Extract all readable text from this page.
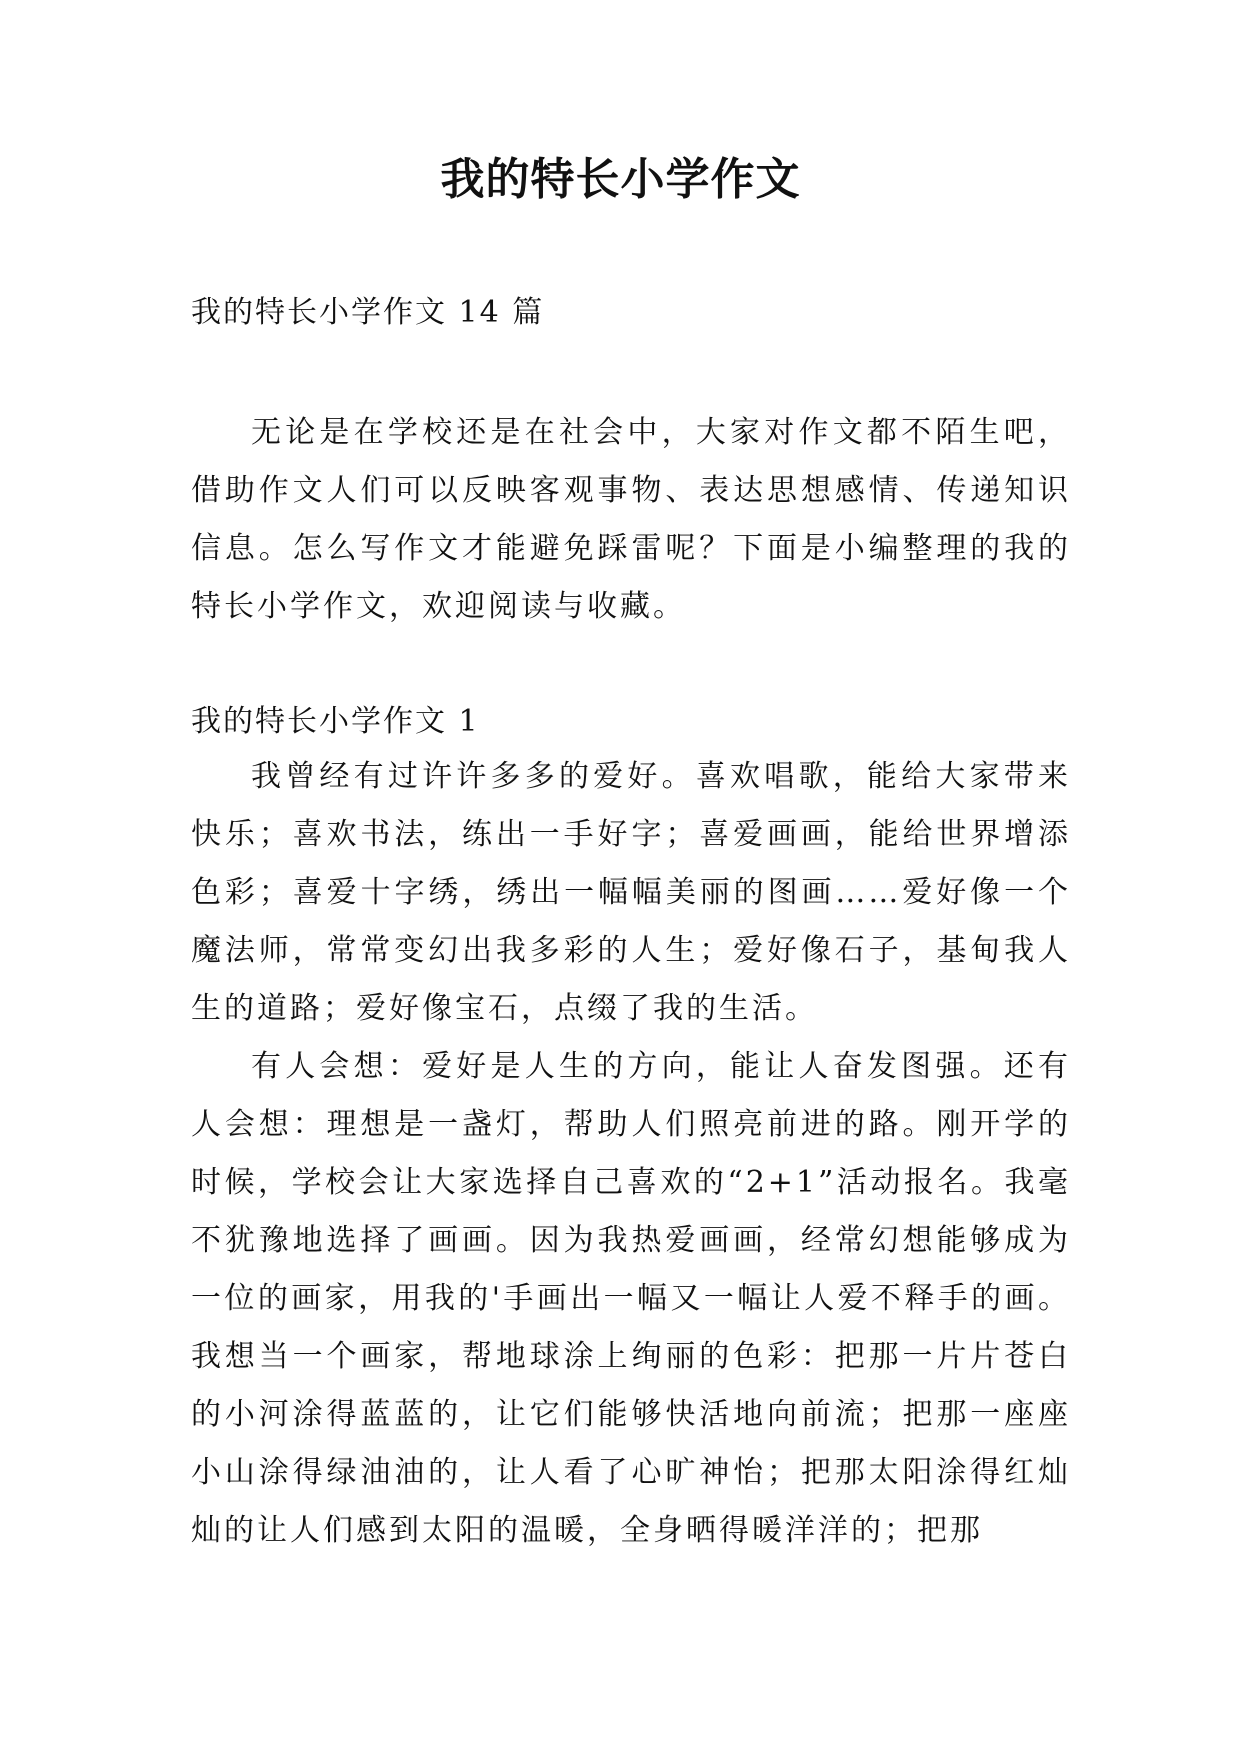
我的特长小学作文
我的特长小学作文 14 篇

无论是在学校还是在社会中，大家对作文都不陌生吧，借助作文人们可以反映客观事物、表达思想感情、传递知识信息。怎么写作文才能避免踩雷呢？下面是小编整理的我的特长小学作文，欢迎阅读与收藏。

我的特长小学作文 1

我曾经有过许许多多的爱好。喜欢唱歌，能给大家带来快乐；喜欢书法，练出一手好字；喜爱画画，能给世界增添色彩；喜爱十字绣，绣出一幅幅美丽的图画……爱好像一个魔法师，常常变幻出我多彩的人生；爱好像石子，基甸我人生的道路；爱好像宝石，点缀了我的生活。

有人会想：爱好是人生的方向，能让人奋发图强。还有人会想：理想是一盏灯，帮助人们照亮前进的路。刚开学的时候，学校会让大家选择自己喜欢的“2+1”活动报名。我毫不犹豫地选择了画画。因为我热爱画画，经常幻想能够成为一位的画家，用我的'手画出一幅又一幅让人爱不释手的画。我想当一个画家，帮地球涂上绚丽的色彩：把那一片片苍白的小河涂得蓝蓝的，让它们能够快活地向前流；把那一座座小山涂得绿油油的，让人看了心旷神怡；把那太阳涂得红灿灿的让人们感到太阳的温暖，全身晒得暖洋洋的；把那
